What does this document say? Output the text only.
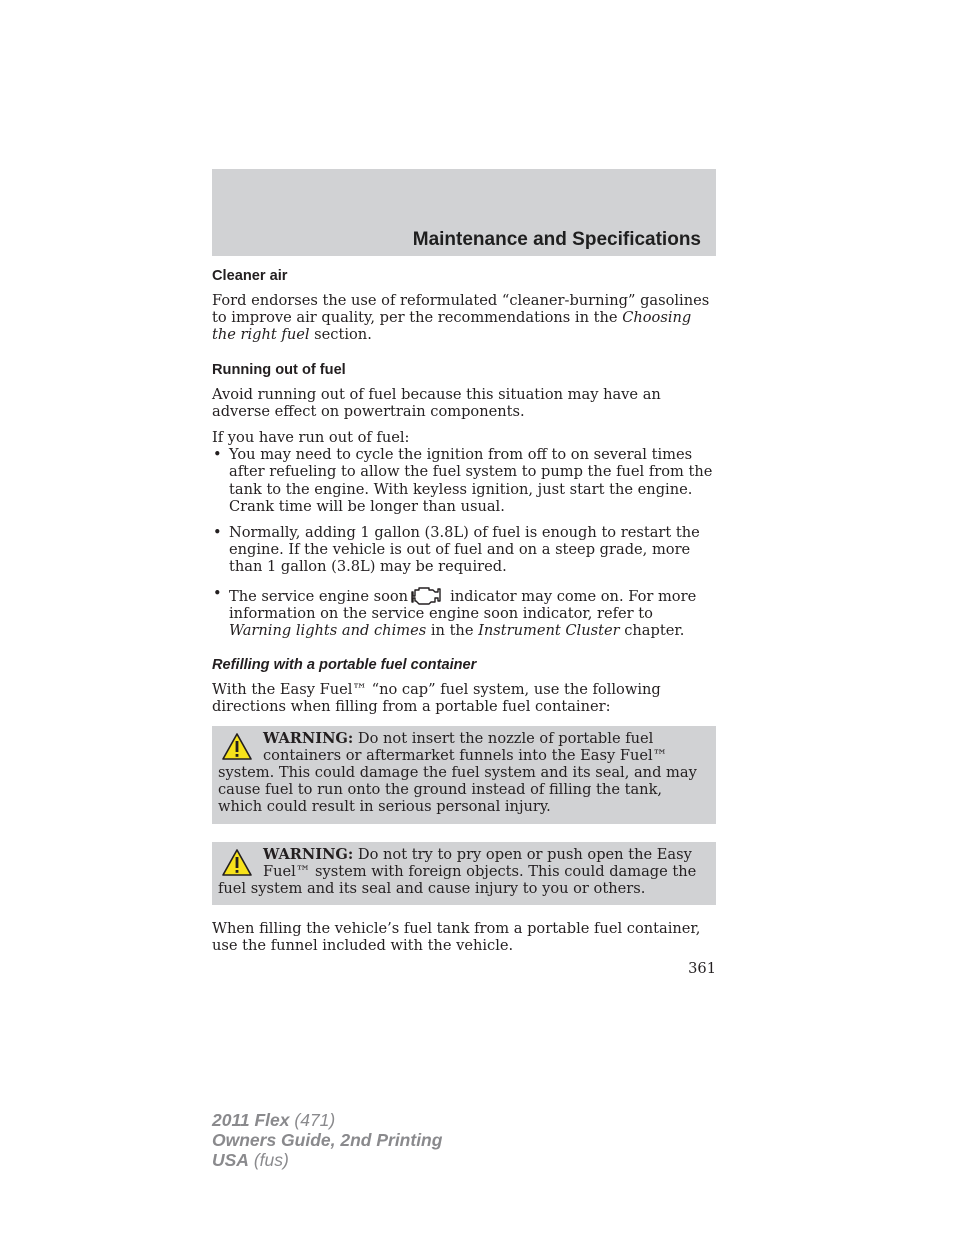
Maintenance and Specifications
Cleaner air

Ford endorses the use of reformulated “cleaner-burning” gasolines to improve air quality, per the recommendations in the Choosing the right fuel section.

Running out of fuel

Avoid running out of fuel because this situation may have an adverse effect on powertrain components.

If you have run out of fuel:

• You may need to cycle the ignition from off to on several times after refueling to allow the fuel system to pump the fuel from the tank to the engine. With keyless ignition, just start the engine. Crank time will be longer than usual.
• Normally, adding 1 gallon (3.8L) of fuel is enough to restart the engine. If the vehicle is out of fuel and on a steep grade, more than 1 gallon (3.8L) may be required.
• The service engine soon	indicator may come on. For more information on the service engine soon indicator, refer to Warning lights and chimes in the Instrument Cluster chapter.
Refilling with a portable fuel container

With the Easy Fuel™ “no cap” fuel system, use the following directions when filling from a portable fuel container:

WARNING: Do not insert the nozzle of portable fuel containers or aftermarket funnels into the Easy Fuel™ system. This could damage the fuel system and its seal, and may cause fuel to run onto the ground instead of filling the tank, which could result in serious personal injury.
WARNING: Do not try to pry open or push open the Easy Fuel™ system with foreign objects. This could damage the fuel system and its seal and cause injury to you or others.

When filling the vehicle’s fuel tank from a portable fuel container, use the funnel included with the vehicle.

361
2011 Flex (471)
Owners Guide, 2nd Printing
USA (fus)
